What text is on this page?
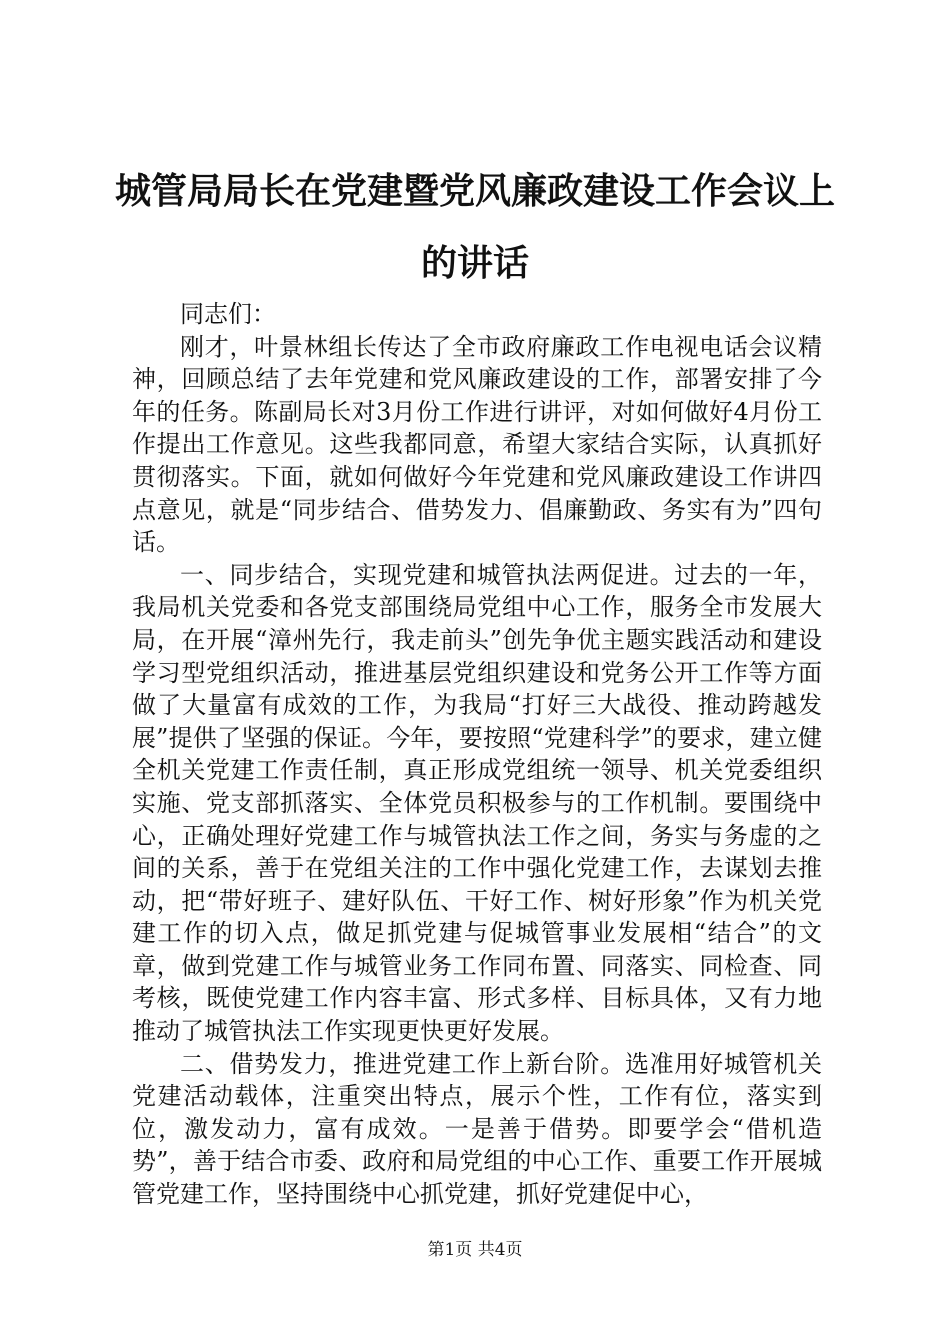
城管局局长在党建暨党风廉政建设工作会议上
的讲话

同志们：

刚才，叶景林组长传达了全市政府廉政工作电视电话会议精神，回顾总结了去年党建和党风廉政建设的工作，部署安排了今年的任务。陈副局长对3月份工作进行讲评，对如何做好4月份工作提出工作意见。这些我都同意，希望大家结合实际，认真抓好贯彻落实。下面，就如何做好今年党建和党风廉政建设工作讲四点意见，就是“同步结合、借势发力、倡廉勤政、务实有为”四句话。

一、同步结合，实现党建和城管执法两促进。过去的一年，我局机关党委和各党支部围绕局党组中心工作，服务全市发展大局，在开展“漳州先行，我走前头”创先争优主题实践活动和建设学习型党组织活动，推进基层党组织建设和党务公开工作等方面做了大量富有成效的工作，为我局“打好三大战役、推动跨越发展”提供了坚强的保证。今年，要按照“党建科学”的要求，建立健全机关党建工作责任制，真正形成党组统一领导、机关党委组织实施、党支部抓落实、全体党员积极参与的工作机制。要围绕中心，正确处理好党建工作与城管执法工作之间，务实与务虚的之间的关系，善于在党组关注的工作中强化党建工作，去谋划去推动，把“带好班子、建好队伍、干好工作、树好形象”作为机关党建工作的切入点，做足抓党建与促城管事业发展相“结合”的文章，做到党建工作与城管业务工作同布置、同落实、同检查、同考核，既使党建工作内容丰富、形式多样、目标具体，又有力地推动了城管执法工作实现更快更好发展。

二、借势发力，推进党建工作上新台阶。选准用好城管机关党建活动载体，注重突出特点，展示个性，工作有位，落实到位，激发动力，富有成效。一是善于借势。即要学会“借机造势”，善于结合市委、政府和局党组的中心工作、重要工作开展城管党建工作，坚持围绕中心抓党建，抓好党建促中心，

第1页 共4页
